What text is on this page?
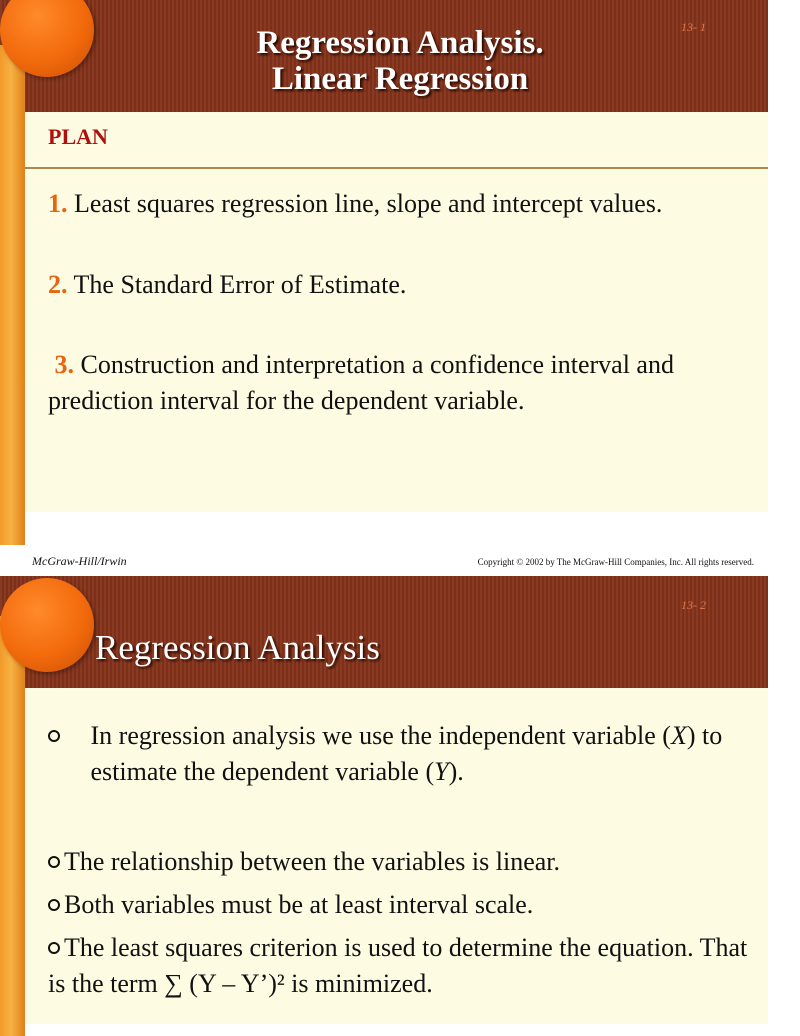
13- 1
Regression Analysis.
Linear Regression
PLAN
1. Least squares regression line, slope and intercept values.
2. The Standard Error of Estimate.
3. Construction and interpretation a confidence interval and prediction interval for the dependent variable.
McGraw-Hill/Irwin	Copyright © 2002 by The McGraw-Hill Companies, Inc. All rights reserved.
13- 2
Regression Analysis
In regression analysis we use the independent variable (X) to estimate the dependent variable (Y).
The relationship between the variables is linear.
Both variables must be at least interval scale.
The least squares criterion is used to determine the equation. That is the term ∑ (Y – Y’)² is minimized.
